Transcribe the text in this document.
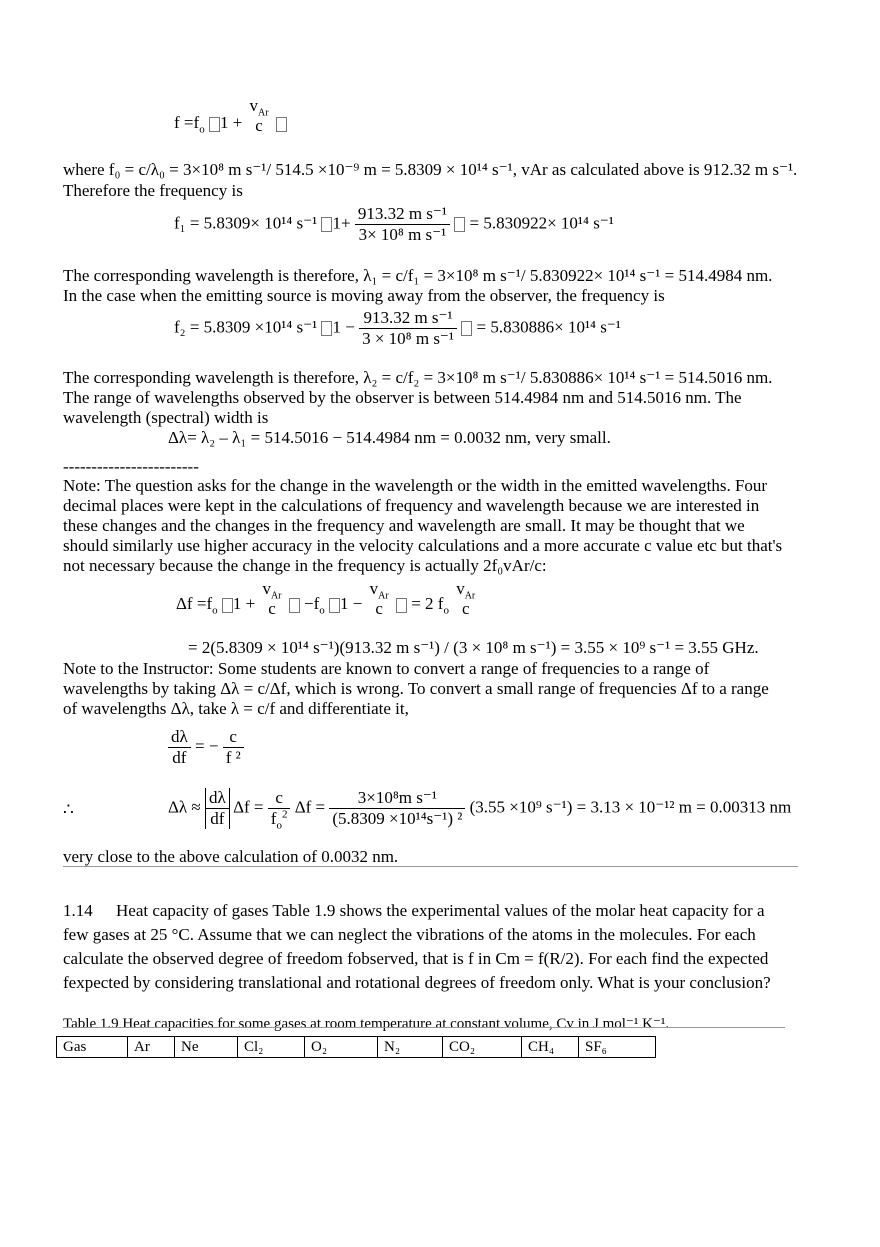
$f =f_o$ 1 +
$v_{Ar}$
c

where f₀ = c/λ₀ = 3×10⁸ m s⁻¹/ 514.5 ×10⁻⁹ m = 5.8309 × 10¹⁴ s⁻¹, vAr as calculated above is 912.32 m s⁻¹.
Therefore the frequency is
f₁ = 5.8309× 10¹⁴ s⁻¹ $1+ \frac{\text{913.32 m s⁻¹}}{\text{3× 10⁸ m s⁻¹}} = 5.830922\times 10^{14}$ s⁻¹
The corresponding wavelength is therefore, λ₁ = c/f₁ = 3×10⁸ m s⁻¹/ 5.830922× 10¹⁴ s⁻¹ = 514.4984 nm.
In the case when the emitting source is moving away from the observer, the frequency is
f₂ = 5.8309 ×10¹⁴ s⁻¹ $1 - \frac{\text{913.32 m s⁻¹}}{\text{3 × 10⁸ m s⁻¹}} = 5.830886\times 10^{14}$ s⁻¹
The corresponding wavelength is therefore, λ₂ = c/f₂ = 3×10⁸ m s⁻¹/ 5.830886× 10¹⁴ s⁻¹ = 514.5016 nm.
The range of wavelengths observed by the observer is between 514.4984 nm and 514.5016 nm. The
wavelength (spectral) width is
Δλ= λ₂ – λ₁ = 514.5016 − 514.4984 nm = 0.0032 nm, very small.
------------------------
Note: The question asks for the change in the wavelength or the width in the emitted wavelengths. Four
decimal places were kept in the calculations of frequency and wavelength because we are interested in
these changes and the changes in the frequency and wavelength are small. It may be thought that we
should similarly use higher accuracy in the velocity calculations and a more accurate c value etc but that's
not necessary because the change in the frequency is actually 2f₀vAr/c:
$\Delta f =f_o$ 1 +
$v_{Ar}$
c	$-f_o$ 1 −
$v_{Ar}$
c	= 2 $f_o$
$v_{Ar}$
c
= 2(5.8309 × 10¹⁴ s⁻¹)(913.32 m s⁻¹) / (3 × 10⁸ m s⁻¹) = 3.55 × 10⁹ s⁻¹ = 3.55 GHz.
Note to the Instructor: Some students are known to convert a range of frequencies to a range of
wavelengths by taking Δλ = c/Δf, which is wrong. To convert a small range of frequencies Δf to a range
of wavelengths Δλ, take λ = c/f and differentiate it,
$\frac{d\lambda}{df}$ = − $\frac{c}{\text{f ²}}$
∴	$\Delta\lambda \approx \frac{d\lambda}{df}$ $\Delta f = \frac{c}{f_o^2}$ $\Delta f = \frac{\text{3×10⁸m s⁻¹}}{\text{(5.8309 ×10¹⁴s⁻¹) ²}} (3.55 \times 10^9$ s⁻¹) = 3.13 × 10⁻¹² m = 0.00313 nm
very close to the above calculation of 0.0032 nm.
1.14 Heat capacity of gases Table 1.9 shows the experimental values of the molar heat capacity for a
few gases at 25 °C. Assume that we can neglect the vibrations of the atoms in the molecules. For each
calculate the observed degree of freedom fobserved, that is f in Cm = f(R/2). For each find the expected
fexpected by considering translational and rotational degrees of freedom only. What is your conclusion?
Table 1.9 Heat capacities for some gases at room temperature at constant volume, Cv in J mol⁻¹ K⁻¹.
Gas	Ar	Ne	Cl₂	O₂	N₂	CO₂	CH₄	SF₆
